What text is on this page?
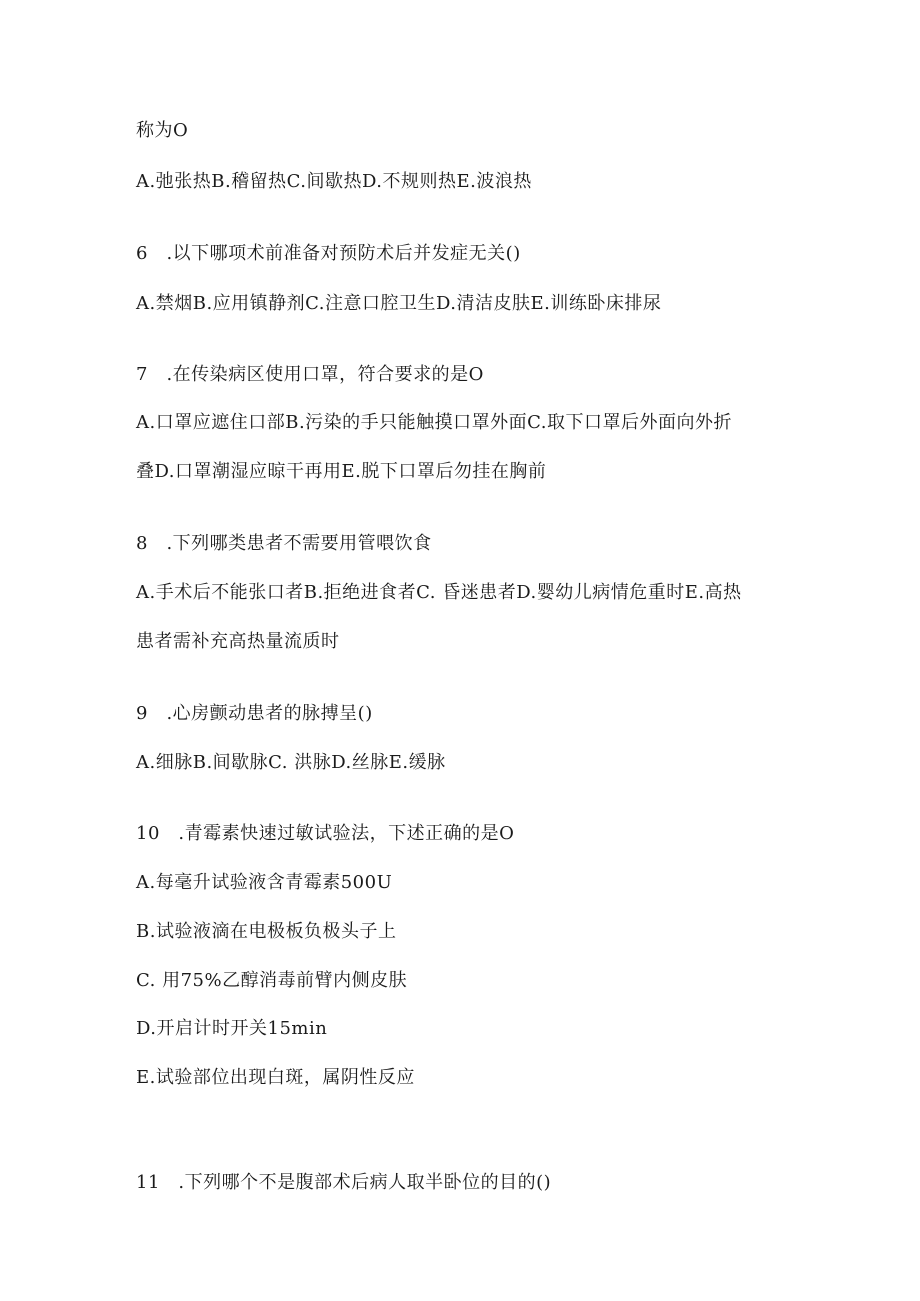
称为O
A.弛张热B.稽留热C.间歇热D.不规则热E.波浪热
6　.以下哪项术前准备对预防术后并发症无关()
A.禁烟B.应用镇静剂C.注意口腔卫生D.清洁皮肤E.训练卧床排尿
7　.在传染病区使用口罩，符合要求的是O
A.口罩应遮住口部B.污染的手只能触摸口罩外面C.取下口罩后外面向外折
叠D.口罩潮湿应晾干再用E.脱下口罩后勿挂在胸前
8　.下列哪类患者不需要用管喂饮食
A.手术后不能张口者B.拒绝进食者C. 昏迷患者D.婴幼儿病情危重时E.高热
患者需补充高热量流质时
9　.心房颤动患者的脉搏呈()
A.细脉B.间歇脉C. 洪脉D.丝脉E.缓脉
10　.青霉素快速过敏试验法，下述正确的是O
A.每毫升试验液含青霉素500U
B.试验液滴在电极板负极头子上
C. 用75%乙醇消毒前臂内侧皮肤
D.开启计时开关15min
E.试验部位出现白斑，属阴性反应
11　.下列哪个不是腹部术后病人取半卧位的目的()
